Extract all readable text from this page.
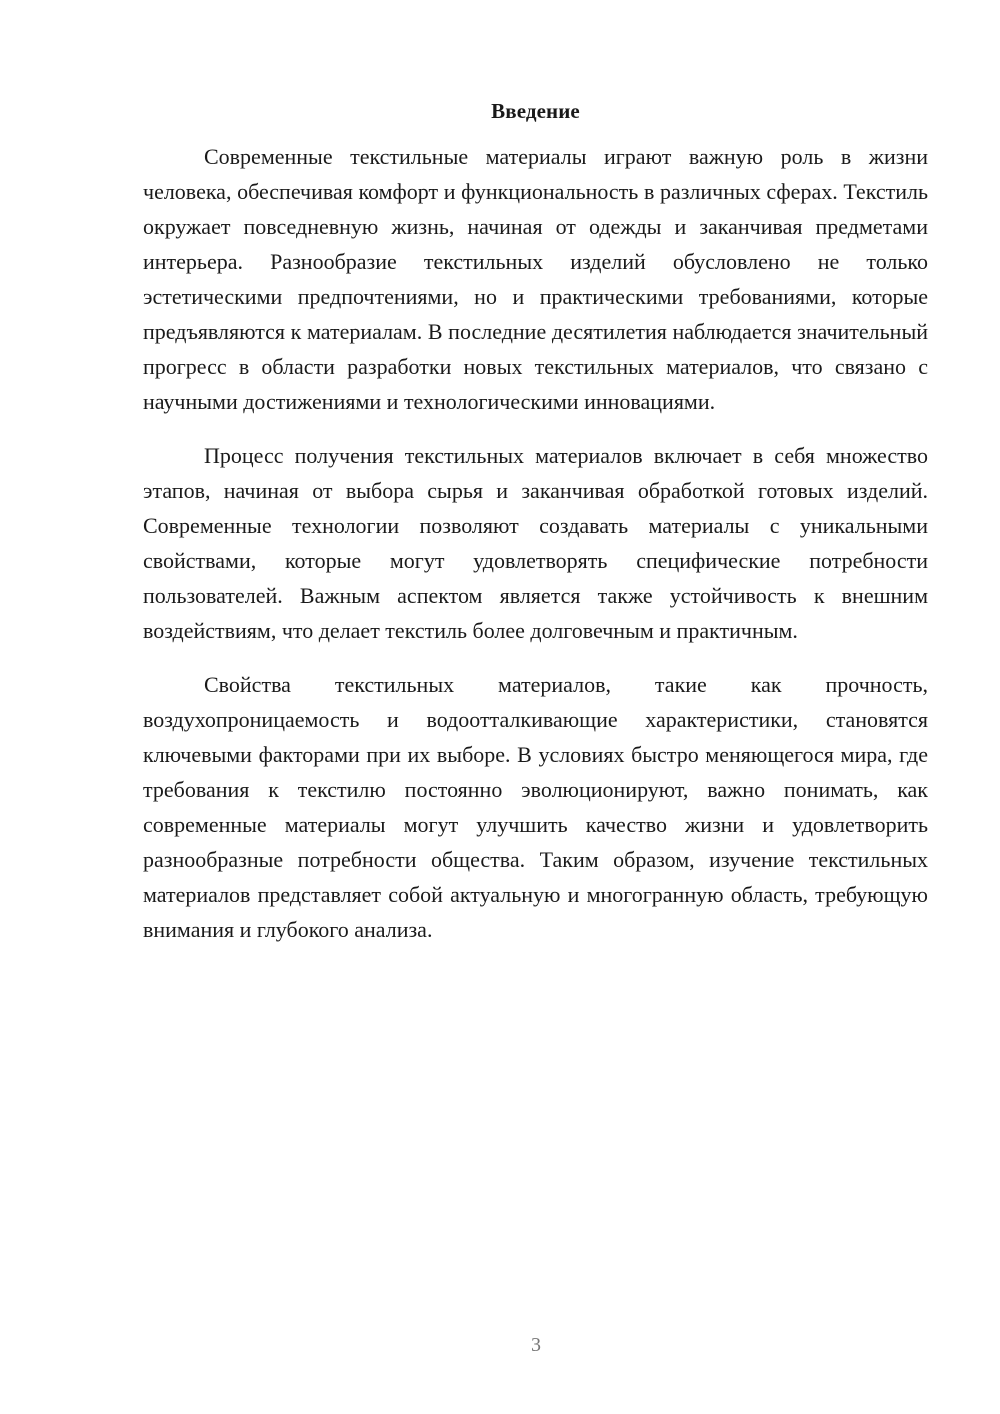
Введение

Современные текстильные материалы играют важную роль в жизни человека, обеспечивая комфорт и функциональность в различных сферах. Текстиль окружает повседневную жизнь, начиная от одежды и заканчивая предметами интерьера. Разнообразие текстильных изделий обусловлено не только эстетическими предпочтениями, но и практическими требованиями, которые предъявляются к материалам. В последние десятилетия наблюдается значительный прогресс в области разработки новых текстильных материалов, что связано с научными достижениями и технологическими инновациями.

Процесс получения текстильных материалов включает в себя множество этапов, начиная от выбора сырья и заканчивая обработкой готовых изделий. Современные технологии позволяют создавать материалы с уникальными свойствами, которые могут удовлетворять специфические потребности пользователей. Важным аспектом является также устойчивость к внешним воздействиям, что делает текстиль более долговечным и практичным.

Свойства текстильных материалов, такие как прочность, воздухопроницаемость и водоотталкивающие характеристики, становятся ключевыми факторами при их выборе. В условиях быстро меняющегося мира, где требования к текстилю постоянно эволюционируют, важно понимать, как современные материалы могут улучшить качество жизни и удовлетворить разнообразные потребности общества. Таким образом, изучение текстильных материалов представляет собой актуальную и многогранную область, требующую внимания и глубокого анализа.

3
